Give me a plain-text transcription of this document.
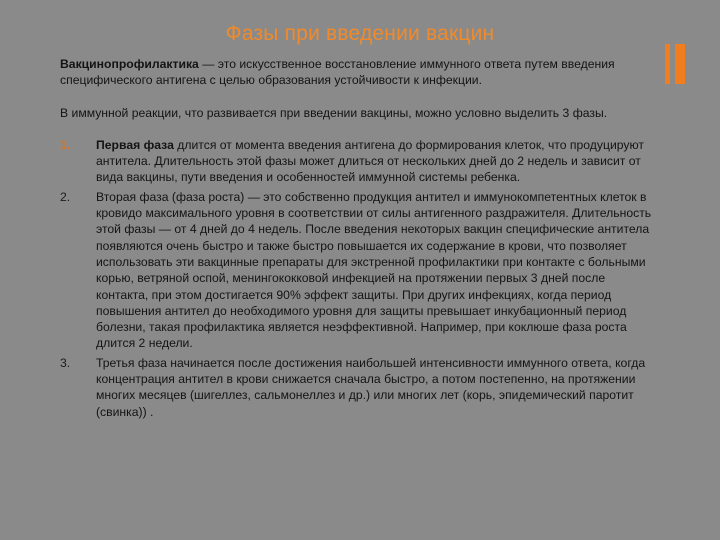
Фазы при введении вакцин

Вакцинопрофилактика — это искусственное восстановление иммунного ответа путем введения специфического антигена с целью образования устойчивости к инфекции.

В иммунной реакции, что развивается при введении вакцины, можно условно выделить 3 фазы.

1. Первая фаза длится от момента введения антигена до формирования клеток, что продуцируют антитела. Длительность этой фазы может длиться от нескольких дней до 2 недель и зависит от вида вакцины, пути введения и особенностей иммунной системы ребенка.
2. Вторая фаза (фаза роста) — это собственно продукция антител и иммунокомпетентных клеток в кровидо максимального уровня в соответствии от силы антигенного раздражителя. Длительность этой фазы — от 4 дней до 4 недель. После введения некоторых вакцин специфические антитела появляются очень быстро и также быстро повышается их содержание в крови, что позволяет использовать эти вакцинные препараты для экстренной профилактики при контакте с больными корью, ветряной оспой, менингококковой инфекцией на протяжении первых 3 дней после контакта, при этом достигается 90% эффект защиты. При других инфекциях, когда период повышения антител до необходимого уровня для защиты превышает инкубационный период болезни, такая профилактика является неэффективной. Например, при коклюше фаза роста длится 2 недели.
3. Третья фаза начинается после достижения наибольшей интенсивности иммунного ответа, когда концентрация антител в крови снижается сначала быстро, а потом постепенно, на протяжении многих месяцев (шигеллез, сальмонеллез и др.) или многих лет (корь, эпидемический паротит (свинка)) .
